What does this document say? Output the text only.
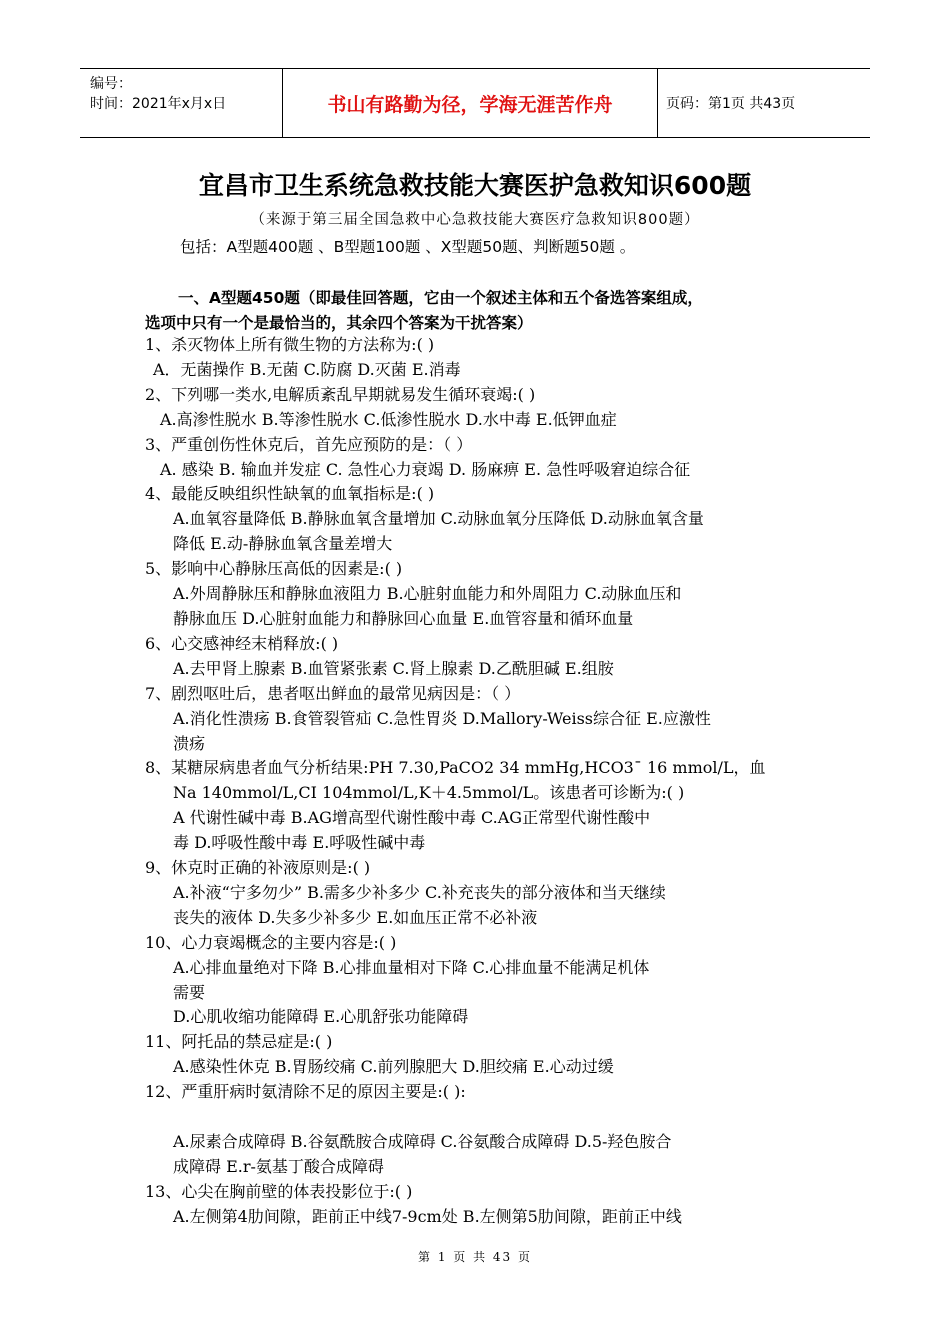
编号：
时间：2021年x月x日	书山有路勤为径，学海无涯苦作舟	页码：第1页 共43页
宜昌市卫生系统急救技能大赛医护急救知识600题
（来源于第三届全国急救中心急救技能大赛医疗急救知识800题）
包括：A型题400题 、B型题100题 、X型题50题、判断题50题 。
一、A型题450题（即最佳回答题，它由一个叙述主体和五个备选答案组成，
选项中只有一个是最恰当的，其余四个答案为干扰答案）
1、杀灭物体上所有微生物的方法称为:( )
A．无菌操作 B.无菌 C.防腐 D.灭菌 E.消毒
2、下列哪一类水,电解质紊乱早期就易发生循环衰竭:( )
A.高渗性脱水 B.等渗性脱水 C.低渗性脱水 D.水中毒 E.低钾血症
3、严重创伤性休克后，首先应预防的是：（ ）
A. 感染 B. 输血并发症 C. 急性心力衰竭 D. 肠麻痹 E. 急性呼吸窘迫综合征
4、最能反映组织性缺氧的血氧指标是:( )
A.血氧容量降低 B.静脉血氧含量增加 C.动脉血氧分压降低 D.动脉血氧含量
降低 E.动-静脉血氧含量差增大
5、影响中心静脉压高低的因素是:( )
A.外周静脉压和静脉血液阻力 B.心脏射血能力和外周阻力 C.动脉血压和
静脉血压 D.心脏射血能力和静脉回心血量 E.血管容量和循环血量
6、心交感神经末梢释放:( )
A.去甲肾上腺素 B.血管紧张素 C.肾上腺素 D.乙酰胆碱 E.组胺
7、剧烈呕吐后，患者呕出鲜血的最常见病因是：（ ）
A.消化性溃疡 B.食管裂管疝 C.急性胃炎 D.Mallory-Weiss综合征 E.应激性
溃疡
8、某糖尿病患者血气分析结果:PH 7.30,PaCO2 34 mmHg,HCO3ˉ 16 mmol/L，血
Na 140mmol/L,CI 104mmol/L,K＋4.5mmol/L。该患者可诊断为:( )
A 代谢性碱中毒 B.AG增高型代谢性酸中毒 C.AG正常型代谢性酸中
毒 D.呼吸性酸中毒 E.呼吸性碱中毒
9、休克时正确的补液原则是:( )
A.补液“宁多勿少” B.需多少补多少 C.补充丧失的部分液体和当天继续
丧失的液体 D.失多少补多少 E.如血压正常不必补液
10、心力衰竭概念的主要内容是:( )
A.心排血量绝对下降 B.心排血量相对下降 C.心排血量不能满足机体
需要
D.心肌收缩功能障碍 E.心肌舒张功能障碍
11、阿托品的禁忌症是:( )
A.感染性休克 B.胃肠绞痛 C.前列腺肥大 D.胆绞痛 E.心动过缓
12、严重肝病时氨清除不足的原因主要是:( ):
A.尿素合成障碍 B.谷氨酰胺合成障碍 C.谷氨酸合成障碍 D.5-羟色胺合
成障碍 E.r-氨基丁酸合成障碍
13、心尖在胸前壁的体表投影位于:( )
A.左侧第4肋间隙，距前正中线7-9cm处 B.左侧第5肋间隙，距前正中线
第 1 页 共 43 页
